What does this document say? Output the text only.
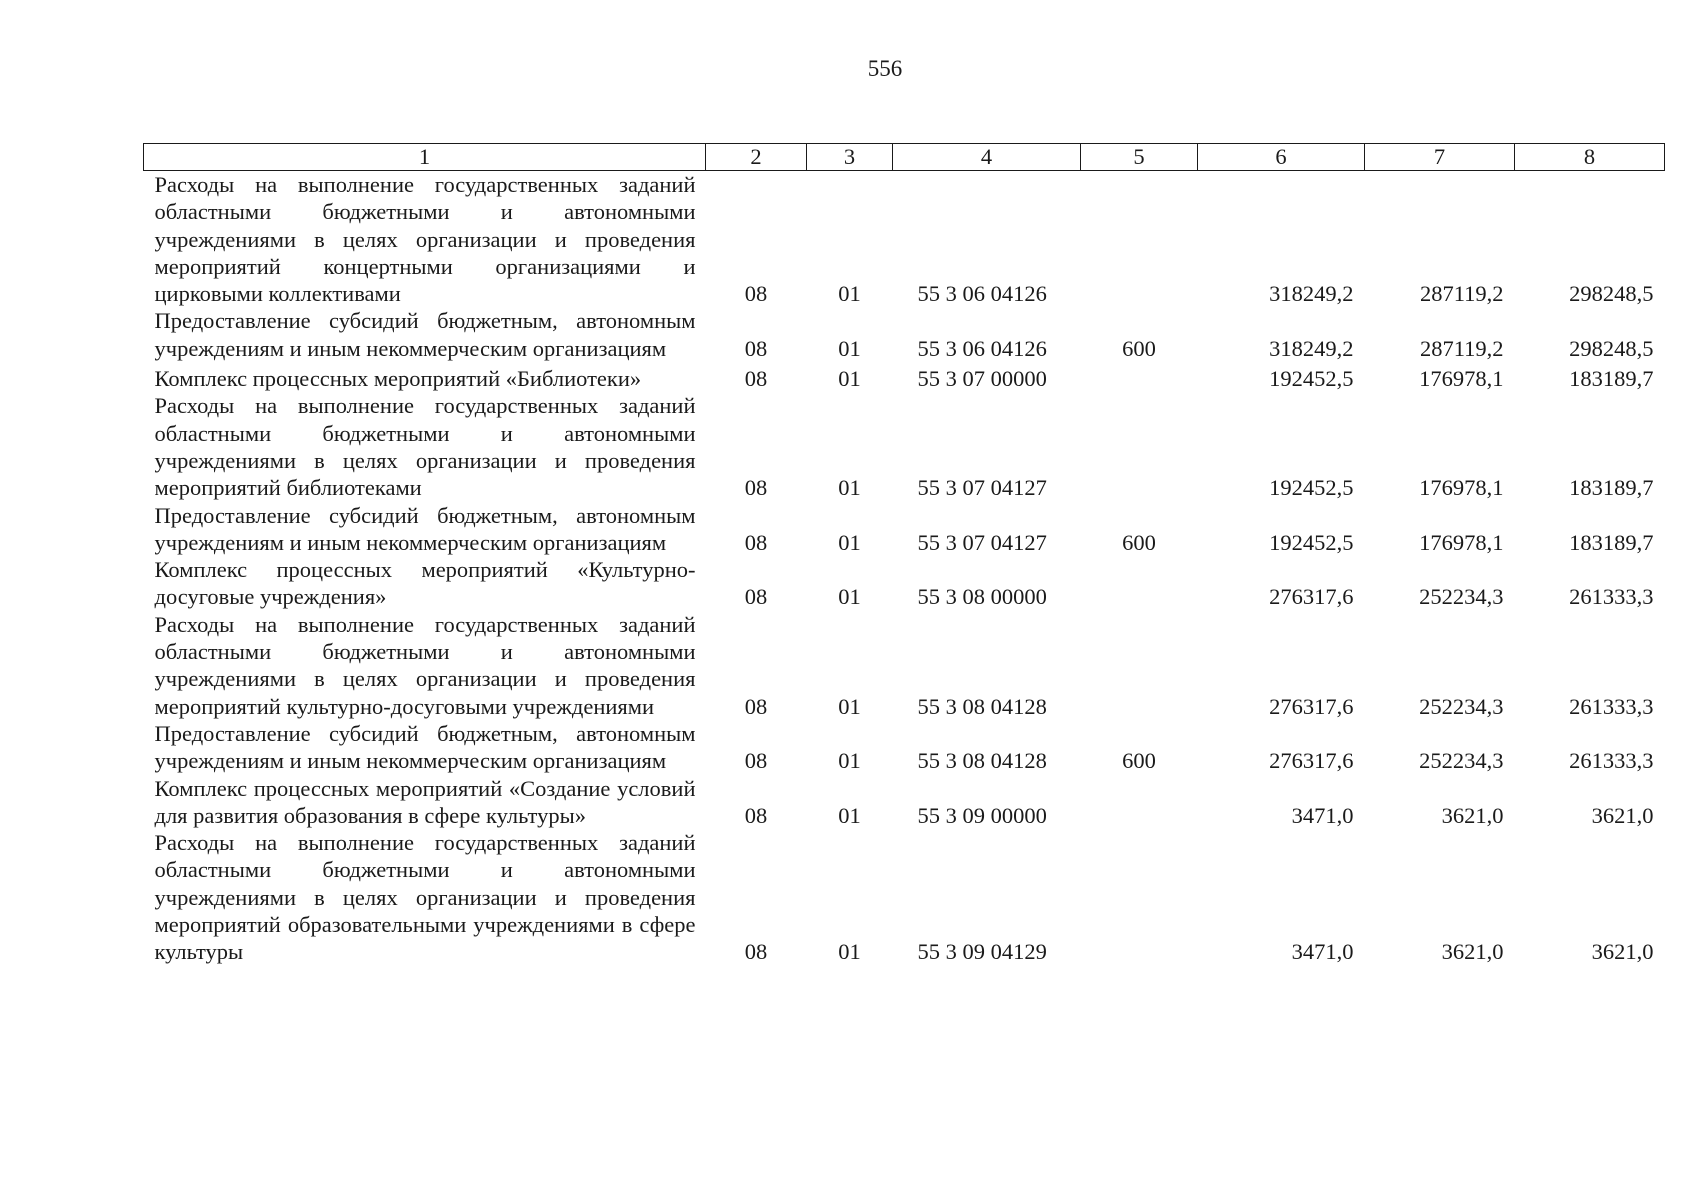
556
1	2	3	4	5	6	7	8
Расходы на выполнение государственных заданий областными бюджетными и автономными учреждениями в целях организации и проведения мероприятий концертными организациями и цирковыми коллективами	08	01	55 3 06 04126		318249,2	287119,2	298248,5
Предоставление субсидий бюджетным, автономным учреждениям и иным некоммерческим организациям	08	01	55 3 06 04126	600	318249,2	287119,2	298248,5
Комплекс процессных мероприятий «Библиотеки»	08	01	55 3 07 00000		192452,5	176978,1	183189,7
Расходы на выполнение государственных заданий областными бюджетными и автономными учреждениями в целях организации и проведения мероприятий библиотеками	08	01	55 3 07 04127		192452,5	176978,1	183189,7
Предоставление субсидий бюджетным, автономным учреждениям и иным некоммерческим организациям	08	01	55 3 07 04127	600	192452,5	176978,1	183189,7
Комплекс процессных мероприятий «Культурно-досуговые учреждения»	08	01	55 3 08 00000		276317,6	252234,3	261333,3
Расходы на выполнение государственных заданий областными бюджетными и автономными учреждениями в целях организации и проведения мероприятий культурно-досуговыми учреждениями	08	01	55 3 08 04128		276317,6	252234,3	261333,3
Предоставление субсидий бюджетным, автономным учреждениям и иным некоммерческим организациям	08	01	55 3 08 04128	600	276317,6	252234,3	261333,3
Комплекс процессных мероприятий «Создание условий для развития образования в сфере культуры»	08	01	55 3 09 00000		3471,0	3621,0	3621,0
Расходы на выполнение государственных заданий областными бюджетными и автономными учреждениями в целях организации и проведения мероприятий образовательными учреждениями в сфере культуры	08	01	55 3 09 04129		3471,0	3621,0	3621,0
